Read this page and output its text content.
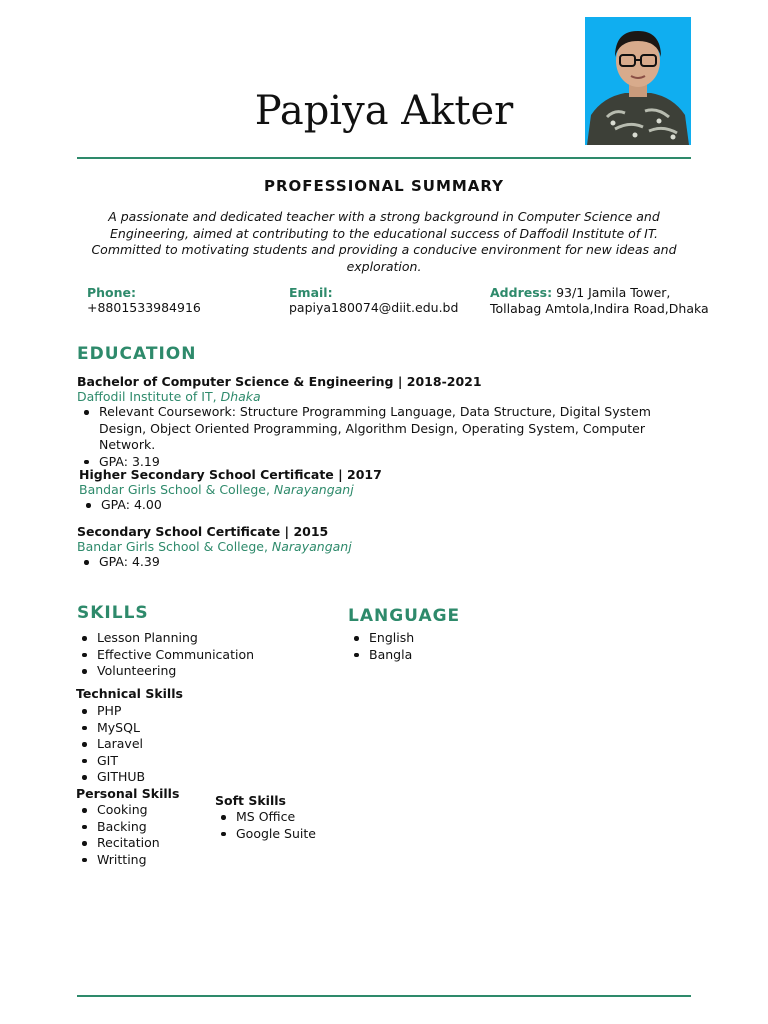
Papiya Akter
PROFESSIONAL SUMMARY
A passionate and dedicated teacher with a strong background in Computer Science and Engineering, aimed at contributing to the educational success of Daffodil Institute of IT. Committed to motivating students and providing a conducive environment for new ideas and exploration.
Phone:
+8801533984916
Email:
papiya180074@diit.edu.bd
Address: 93/1 Jamila Tower,
Tollabag Amtola,Indira Road,Dhaka
EDUCATION
Bachelor of Computer Science & Engineering | 2018-2021
Daffodil Institute of IT, Dhaka
Relevant Coursework: Structure Programming Language, Data Structure, Digital System Design, Object Oriented Programming, Algorithm Design, Operating System, Computer Network.
GPA: 3.19
Higher Secondary School Certificate | 2017
Bandar Girls School & College, Narayanganj
GPA: 4.00
Secondary School Certificate | 2015
Bandar Girls School & College, Narayanganj
GPA: 4.39
SKILLS
Lesson Planning
Effective Communication
Volunteering
Technical Skills
PHP
MySQL
Laravel
GIT
GITHUB
Personal Skills
Cooking
Backing
Recitation
Writting
Soft Skills
MS Office
Google Suite
LANGUAGE
English
Bangla
